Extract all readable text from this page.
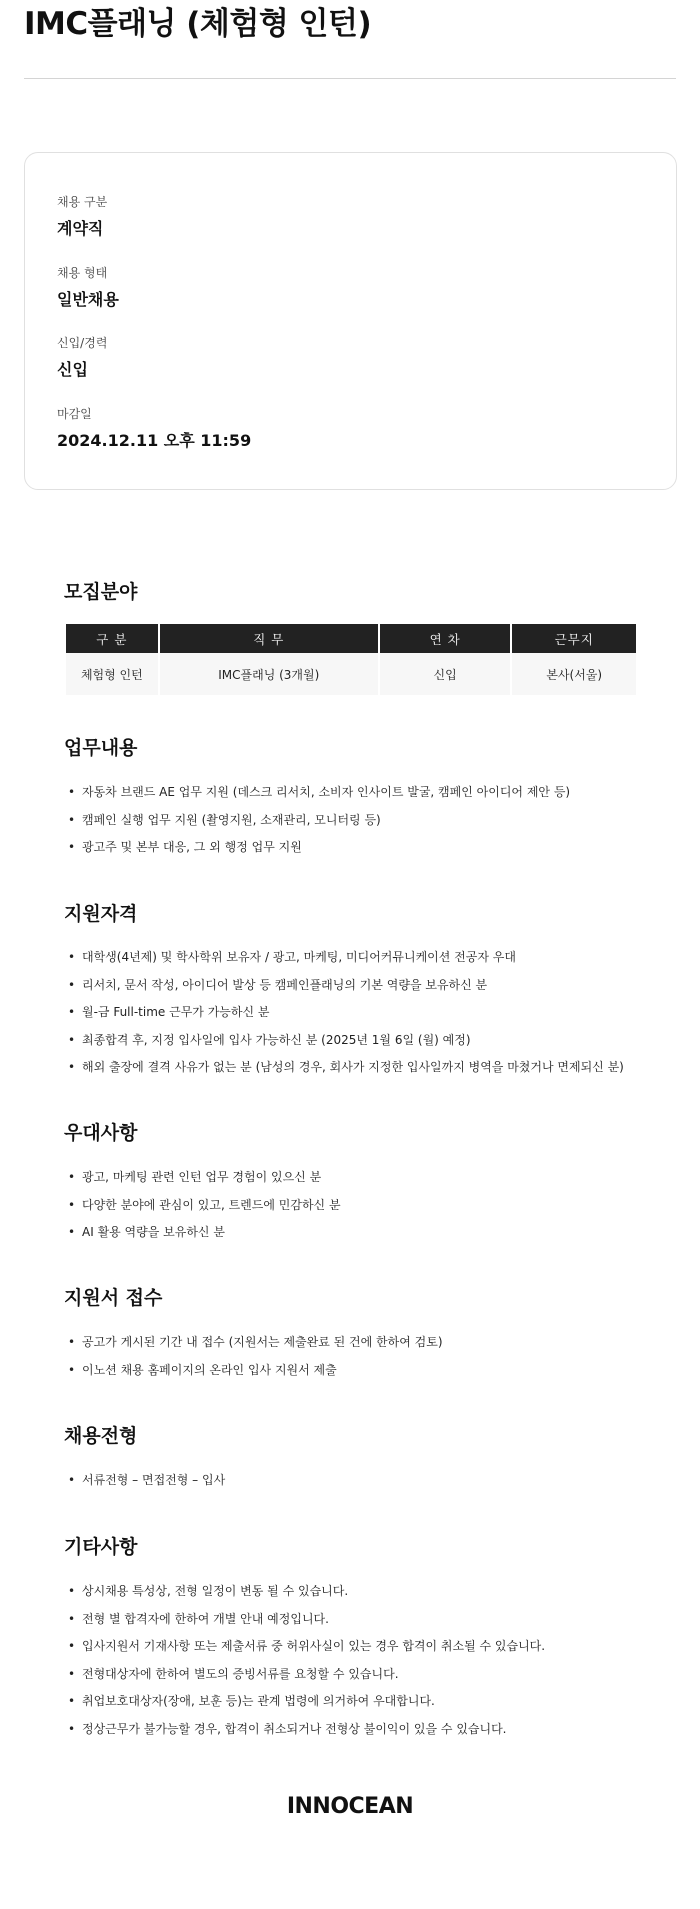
IMC플래닝 (체험형 인턴)
채용 구분
계약직
채용 형태
일반채용
신입/경력
신입
마감일
2024.12.11 오후 11:59
모집분야
구 분	직 무	연 차	근무지
체험형 인턴	IMC플래닝 (3개월)	신입	본사(서울)
업무내용
• 자동차 브랜드 AE 업무 지원 (데스크 리서치, 소비자 인사이트 발굴, 캠페인 아이디어 제안 등)
• 캠페인 실행 업무 지원 (촬영지원, 소재관리, 모니터링 등)
• 광고주 및 본부 대응, 그 외 행정 업무 지원
지원자격
• 대학생(4년제) 및 학사학위 보유자 / 광고, 마케팅, 미디어커뮤니케이션 전공자 우대
• 리서치, 문서 작성, 아이디어 발상 등 캠페인플래닝의 기본 역량을 보유하신 분
• 월-금 Full-time 근무가 가능하신 분
• 최종합격 후, 지정 입사일에 입사 가능하신 분 (2025년 1월 6일 (월) 예정)
• 해외 출장에 결격 사유가 없는 분 (남성의 경우, 회사가 지정한 입사일까지 병역을 마쳤거나 면제되신 분)
우대사항
• 광고, 마케팅 관련 인턴 업무 경험이 있으신 분
• 다양한 분야에 관심이 있고, 트렌드에 민감하신 분
• AI 활용 역량을 보유하신 분
지원서 접수
• 공고가 게시된 기간 내 접수 (지원서는 제출완료 된 건에 한하여 검토)
• 이노션 채용 홈페이지의 온라인 입사 지원서 제출
채용전형
• 서류전형 – 면접전형 – 입사
기타사항
• 상시채용 특성상, 전형 일정이 변동 될 수 있습니다.
• 전형 별 합격자에 한하여 개별 안내 예정입니다.
• 입사지원서 기재사항 또는 제출서류 중 허위사실이 있는 경우 합격이 취소될 수 있습니다.
• 전형대상자에 한하여 별도의 증빙서류를 요청할 수 있습니다.
• 취업보호대상자(장애, 보훈 등)는 관계 법령에 의거하여 우대합니다.
• 정상근무가 불가능할 경우, 합격이 취소되거나 전형상 불이익이 있을 수 있습니다.
INNOCEAN
